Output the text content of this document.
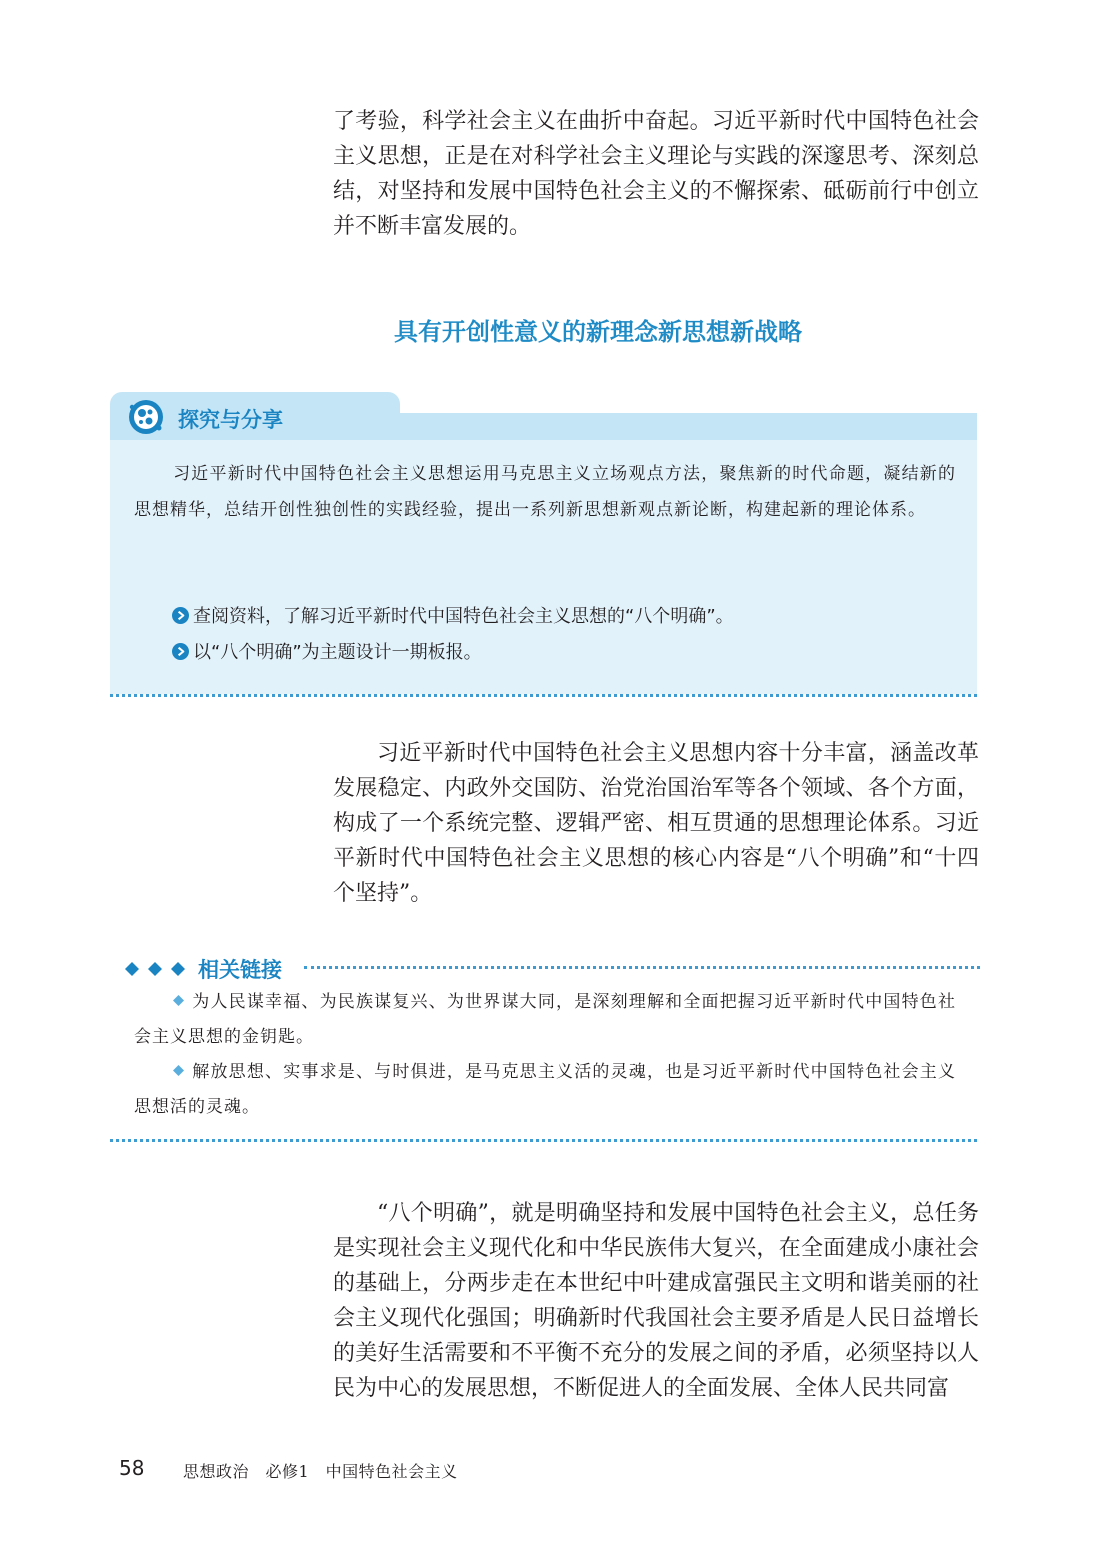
了考验，科学社会主义在曲折中奋起。习近平新时代中国特色社会主义思想，正是在对科学社会主义理论与实践的深邃思考、深刻总结，对坚持和发展中国特色社会主义的不懈探索、砥砺前行中创立并不断丰富发展的。

具有开创性意义的新理念新思想新战略
探究与分享

习近平新时代中国特色社会主义思想运用马克思主义立场观点方法，聚焦新的时代命题，凝结新的思想精华，总结开创性独创性的实践经验，提出一系列新思想新观点新论断，构建起新的理论体系。

查阅资料，了解习近平新时代中国特色社会主义思想的“八个明确”。
以“八个明确”为主题设计一期板报。

习近平新时代中国特色社会主义思想内容十分丰富，涵盖改革发展稳定、内政外交国防、治党治国治军等各个领域、各个方面，构成了一个系统完整、逻辑严密、相互贯通的思想理论体系。习近平新时代中国特色社会主义思想的核心内容是“八个明确”和“十四个坚持”。

相关链接

为人民谋幸福、为民族谋复兴、为世界谋大同，是深刻理解和全面把握习近平新时代中国特色社会主义思想的金钥匙。

解放思想、实事求是、与时俱进，是马克思主义活的灵魂，也是习近平新时代中国特色社会主义思想活的灵魂。

“八个明确”，就是明确坚持和发展中国特色社会主义，总任务是实现社会主义现代化和中华民族伟大复兴，在全面建成小康社会的基础上，分两步走在本世纪中叶建成富强民主文明和谐美丽的社会主义现代化强国；明确新时代我国社会主要矛盾是人民日益增长的美好生活需要和不平衡不充分的发展之间的矛盾，必须坚持以人民为中心的发展思想，不断促进人的全面发展、全体人民共同富

58 思想政治　必修1　中国特色社会主义
